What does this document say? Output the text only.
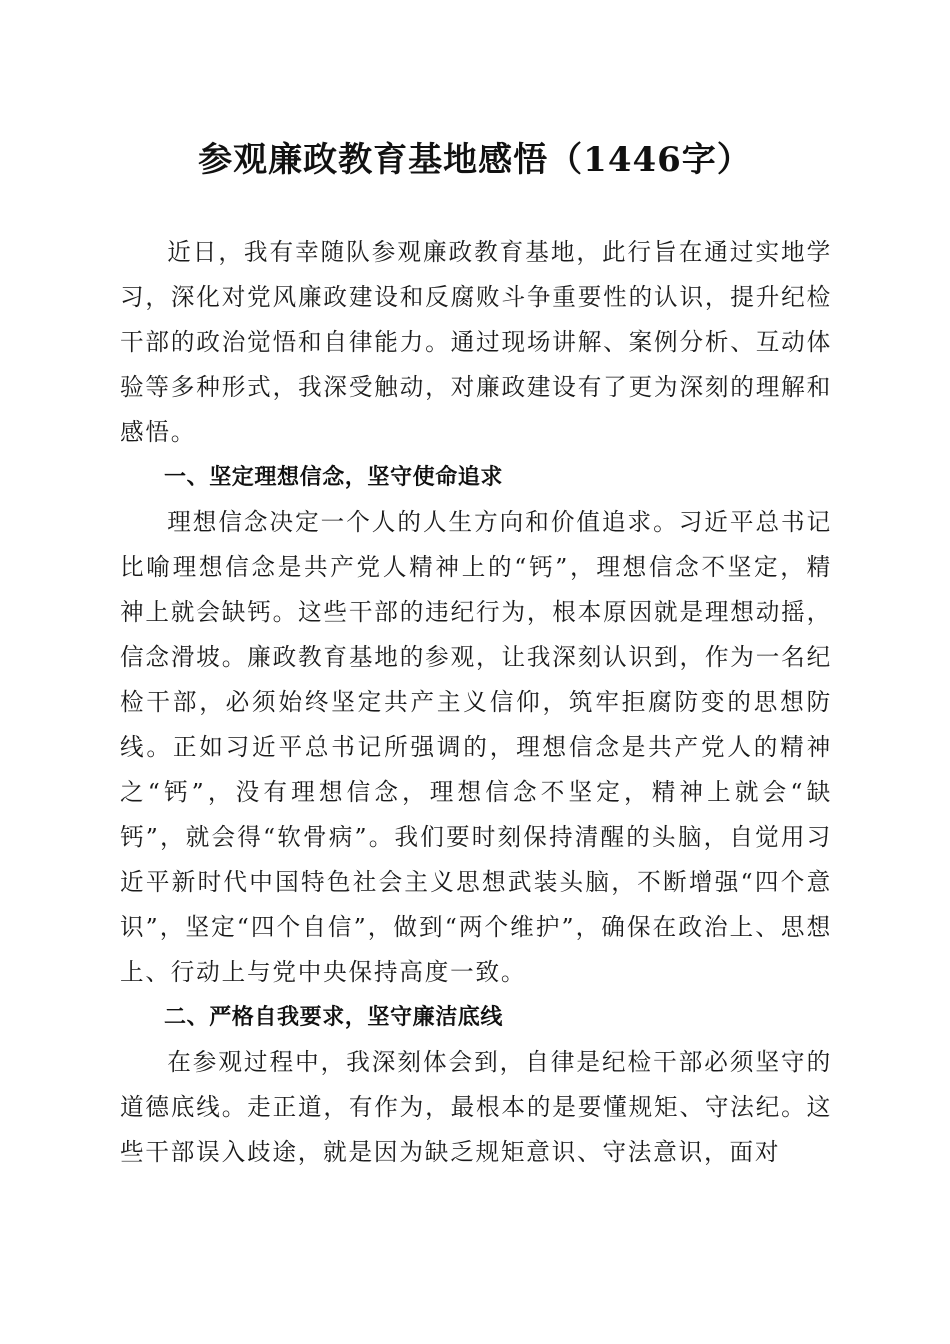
参观廉政教育基地感悟（1446字）

近日，我有幸随队参观廉政教育基地，此行旨在通过实地学习，深化对党风廉政建设和反腐败斗争重要性的认识，提升纪检干部的政治觉悟和自律能力。通过现场讲解、案例分析、互动体验等多种形式，我深受触动，对廉政建设有了更为深刻的理解和感悟。

一、坚定理想信念，坚守使命追求

理想信念决定一个人的人生方向和价值追求。习近平总书记比喻理想信念是共产党人精神上的“钙”，理想信念不坚定，精神上就会缺钙。这些干部的违纪行为，根本原因就是理想动摇，信念滑坡。廉政教育基地的参观，让我深刻认识到，作为一名纪检干部，必须始终坚定共产主义信仰，筑牢拒腐防变的思想防线。正如习近平总书记所强调的，理想信念是共产党人的精神之“钙”，没有理想信念，理想信念不坚定，精神上就会“缺钙”，就会得“软骨病”。我们要时刻保持清醒的头脑，自觉用习近平新时代中国特色社会主义思想武装头脑，不断增强“四个意识”，坚定“四个自信”，做到“两个维护”，确保在政治上、思想上、行动上与党中央保持高度一致。

二、严格自我要求，坚守廉洁底线

在参观过程中，我深刻体会到，自律是纪检干部必须坚守的道德底线。走正道，有作为，最根本的是要懂规矩、守法纪。这些干部误入歧途，就是因为缺乏规矩意识、守法意识，面对
